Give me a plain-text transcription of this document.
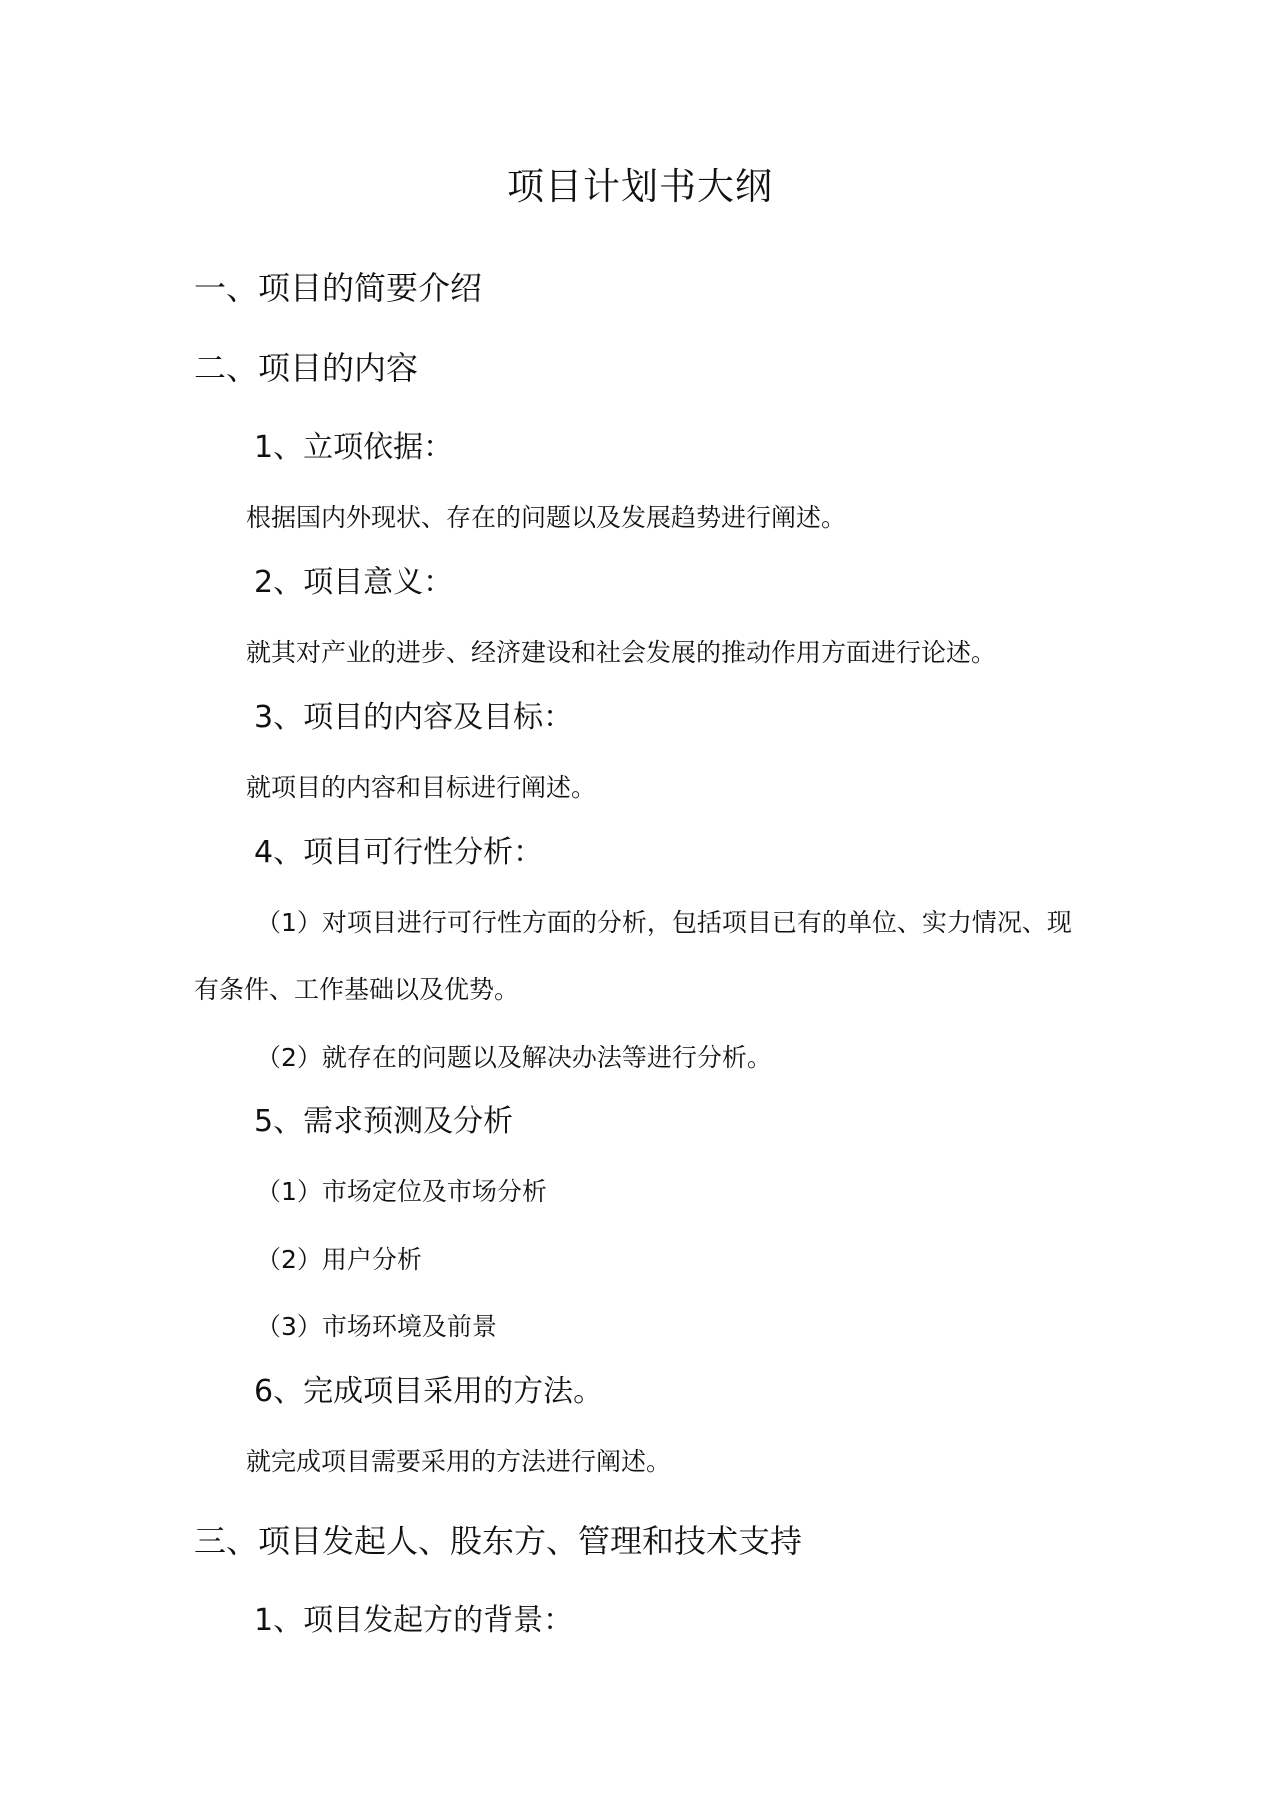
项目计划书大纲
一、项目的简要介绍
二、项目的内容
1、立项依据：
根据国内外现状、存在的问题以及发展趋势进行阐述。
2、项目意义：
就其对产业的进步、经济建设和社会发展的推动作用方面进行论述。
3、项目的内容及目标：
就项目的内容和目标进行阐述。
4、项目可行性分析：
（1）对项目进行可行性方面的分析，包括项目已有的单位、实力情况、现
有条件、工作基础以及优势。
（2）就存在的问题以及解决办法等进行分析。
5、需求预测及分析
（1）市场定位及市场分析
（2）用户分析
（3）市场环境及前景
6、完成项目采用的方法。
就完成项目需要采用的方法进行阐述。
三、项目发起人、股东方、管理和技术支持
1、项目发起方的背景：
